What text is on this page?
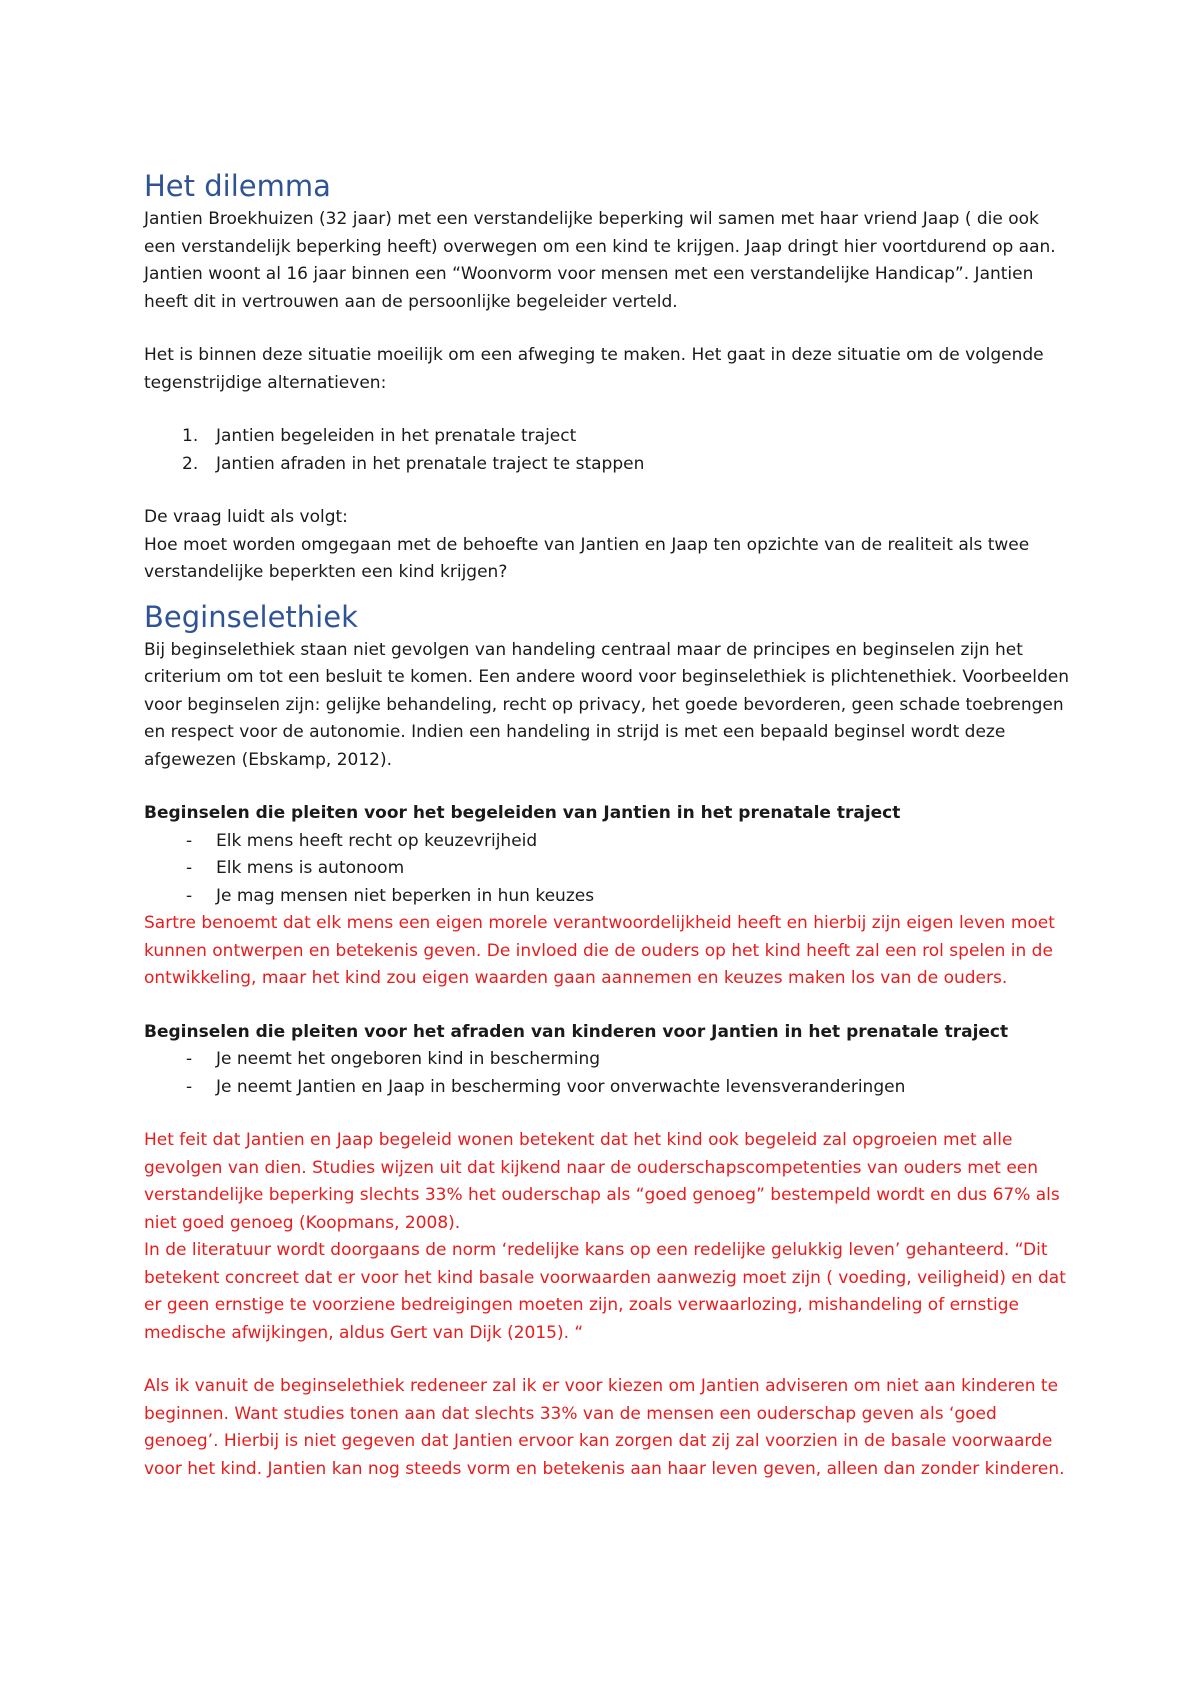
Het dilemma

Jantien Broekhuizen (32 jaar) met een verstandelijke beperking wil samen met haar vriend Jaap ( die ook een verstandelijk beperking heeft) overwegen om een kind te krijgen. Jaap dringt hier voortdurend op aan. Jantien woont al 16 jaar binnen een “Woonvorm voor mensen met een verstandelijke Handicap”. Jantien heeft dit in vertrouwen aan de persoonlijke begeleider verteld.

Het is binnen deze situatie moeilijk om een afweging te maken. Het gaat in deze situatie om de volgende tegenstrijdige alternatieven:

1. Jantien begeleiden in het prenatale traject
2. Jantien afraden in het prenatale traject te stappen

De vraag luidt als volgt:

Hoe moet worden omgegaan met de behoefte van Jantien en Jaap ten opzichte van de realiteit als twee verstandelijke beperkten een kind krijgen?

Beginselethiek

Bij beginselethiek staan niet gevolgen van handeling centraal maar de principes en beginselen zijn het criterium om tot een besluit te komen. Een andere woord voor beginselethiek is plichtenethiek. Voorbeelden voor beginselen zijn: gelijke behandeling, recht op privacy, het goede bevorderen, geen schade toebrengen en respect voor de autonomie. Indien een handeling in strijd is met een bepaald beginsel wordt deze afgewezen (Ebskamp, 2012).

Beginselen die pleiten voor het begeleiden van Jantien in het prenatale traject

- Elk mens heeft recht op keuzevrijheid
- Elk mens is autonoom
- Je mag mensen niet beperken in hun keuzes

Sartre benoemt dat elk mens een eigen morele verantwoordelijkheid heeft en hierbij zijn eigen leven moet kunnen ontwerpen en betekenis geven. De invloed die de ouders op het kind heeft zal een rol spelen in de ontwikkeling, maar het kind zou eigen waarden gaan aannemen en keuzes maken los van de ouders.

Beginselen die pleiten voor het afraden van kinderen voor Jantien in het prenatale traject

- Je neemt het ongeboren kind in bescherming
- Je neemt Jantien en Jaap in bescherming voor onverwachte levensveranderingen

Het feit dat Jantien en Jaap begeleid wonen betekent dat het kind ook begeleid zal opgroeien met alle gevolgen van dien. Studies wijzen uit dat kijkend naar de ouderschapscompetenties van ouders met een verstandelijke beperking slechts 33% het ouderschap als “goed genoeg” bestempeld wordt en dus 67% als niet goed genoeg (Koopmans, 2008).

In de literatuur wordt doorgaans de norm ‘redelijke kans op een redelijke gelukkig leven’ gehanteerd. “Dit betekent concreet dat er voor het kind basale voorwaarden aanwezig moet zijn ( voeding, veiligheid) en dat er geen ernstige te voorziene bedreigingen moeten zijn, zoals verwaarlozing, mishandeling of ernstige medische afwijkingen, aldus Gert van Dijk (2015). “

Als ik vanuit de beginselethiek redeneer zal ik er voor kiezen om Jantien adviseren om niet aan kinderen te beginnen. Want studies tonen aan dat slechts 33% van de mensen een ouderschap geven als ‘goed genoeg’. Hierbij is niet gegeven dat Jantien ervoor kan zorgen dat zij zal voorzien in de basale voorwaarde voor het kind. Jantien kan nog steeds vorm en betekenis aan haar leven geven, alleen dan zonder kinderen.
